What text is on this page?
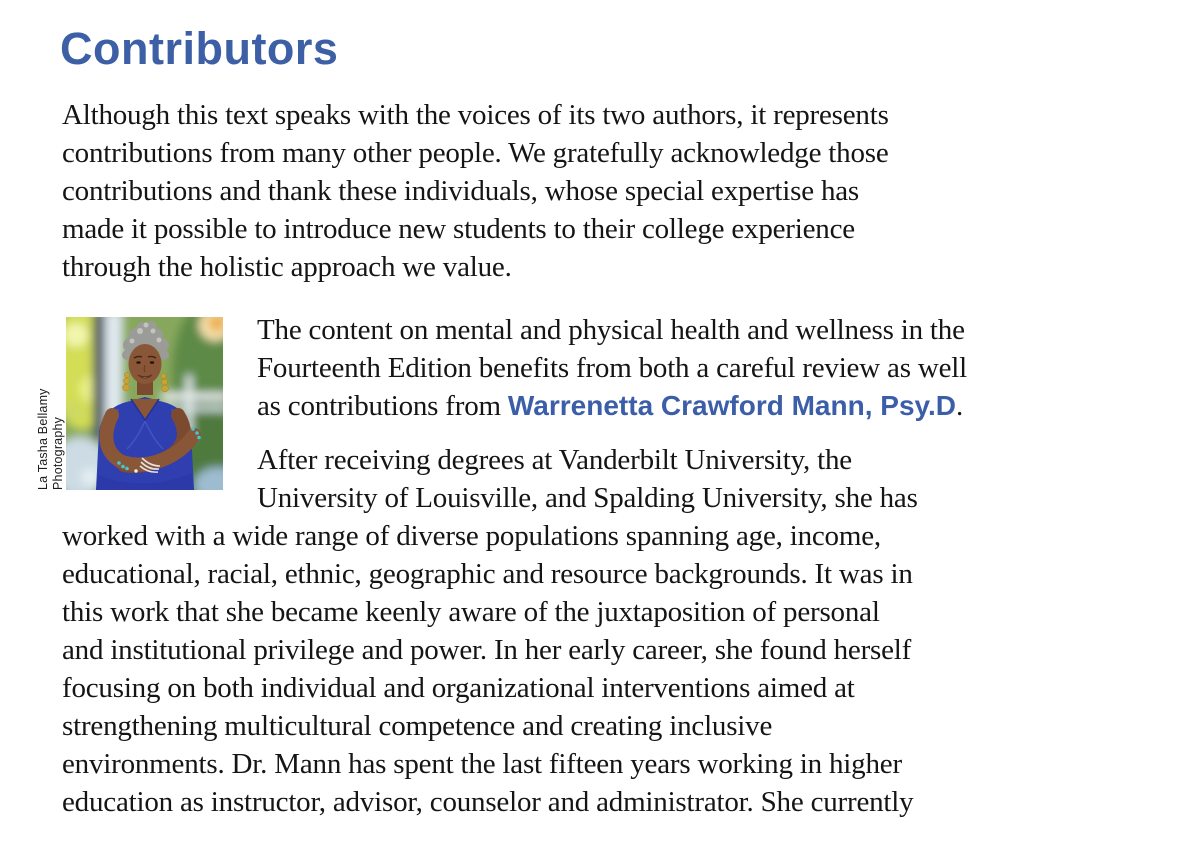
Contributors
Although this text speaks with the voices of its two authors, it represents
contributions from many other people. We gratefully acknowledge those
contributions and thank these individuals, whose special expertise has
made it possible to introduce new students to their college experience
through the holistic approach we value.
La Tasha Bellamy Photography
The content on mental and physical health and wellness in the
Fourteenth Edition benefits from both a careful review as well
as contributions from Warrenetta Crawford Mann, Psy.D.
After receiving degrees at Vanderbilt University, the
University of Louisville, and Spalding University, she has
worked with a wide range of diverse populations spanning age, income,
educational, racial, ethnic, geographic and resource backgrounds. It was in
this work that she became keenly aware of the juxtaposition of personal
and institutional privilege and power. In her early career, she found herself
focusing on both individual and organizational interventions aimed at
strengthening multicultural competence and creating inclusive
environments. Dr. Mann has spent the last fifteen years working in higher
education as instructor, advisor, counselor and administrator. She currently
